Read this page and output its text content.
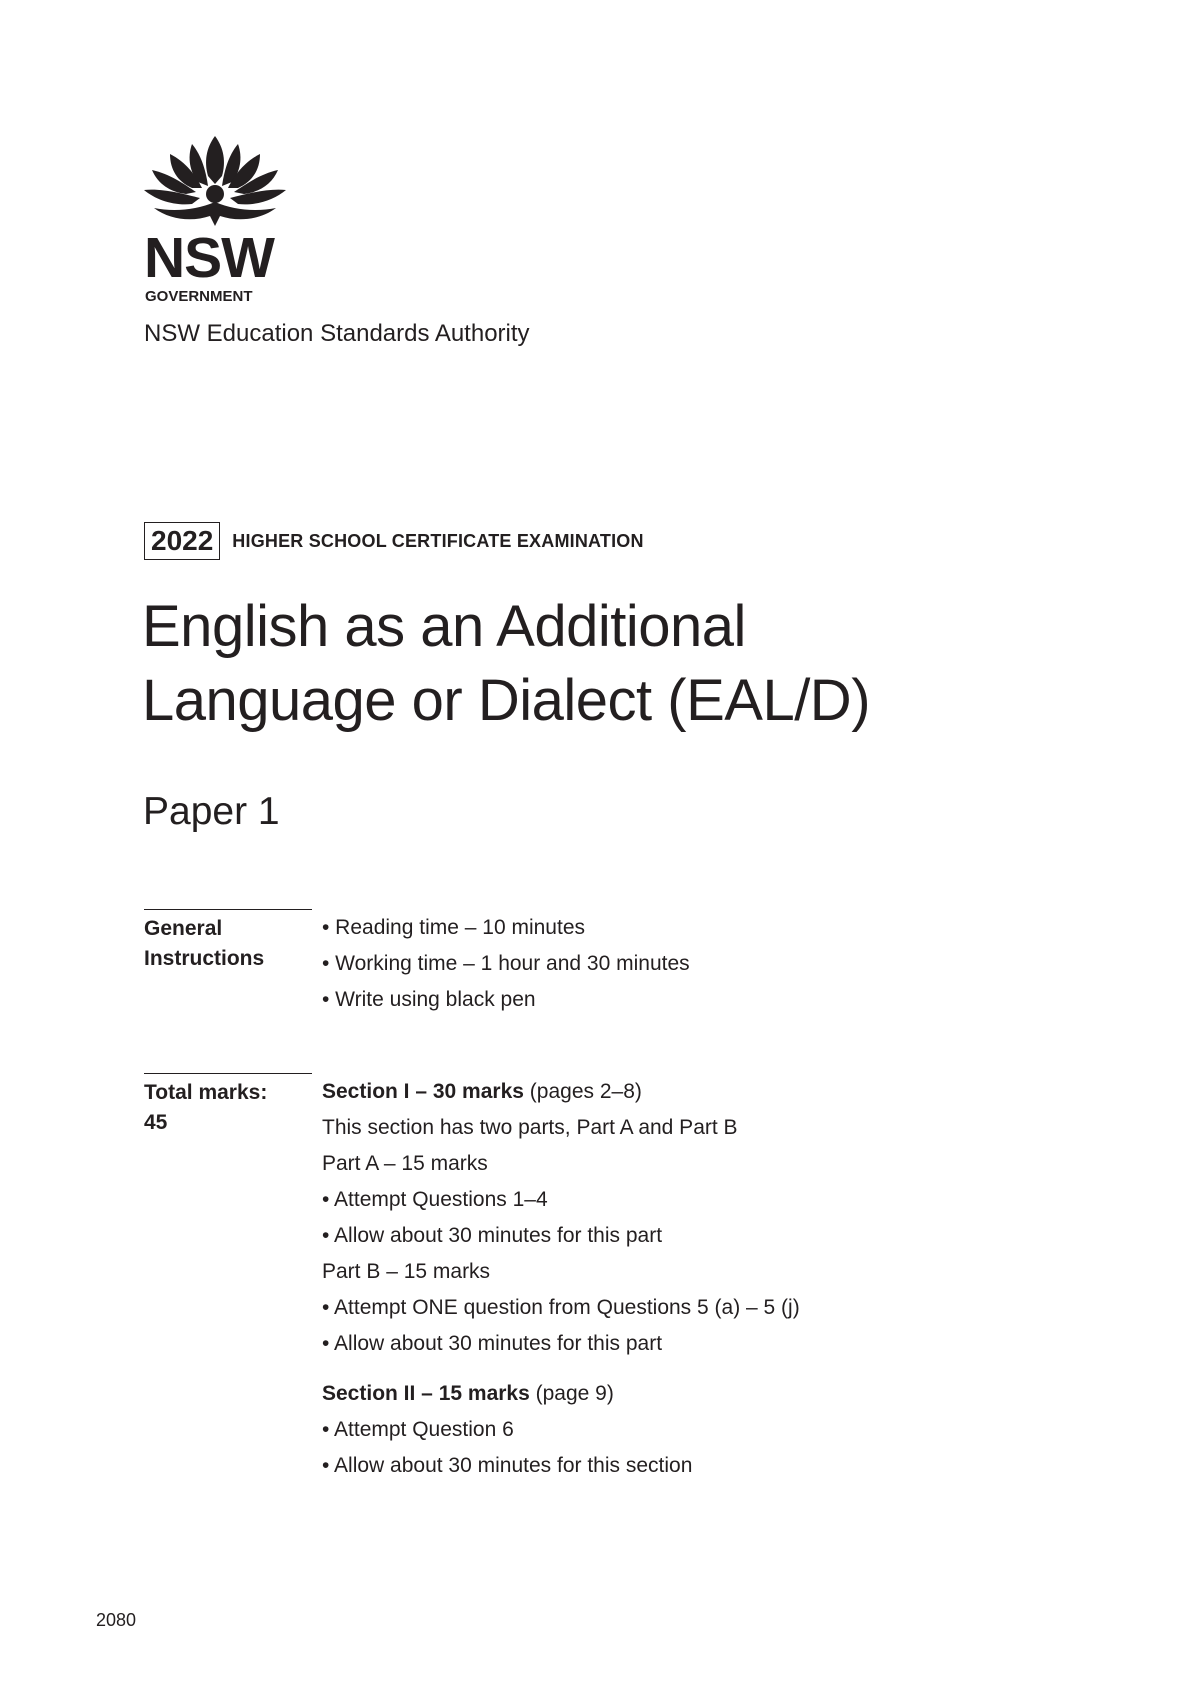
NSW
GOVERNMENT
NSW Education Standards Authority
2022	HIGHER SCHOOL CERTIFICATE EXAMINATION
English as an Additional
Language or Dialect (EAL/D)
Paper 1
General
Instructions
• Reading time – 10 minutes
• Working time – 1 hour and 30 minutes
• Write using black pen
Total marks:
45
Section I – 30 marks (pages 2–8)
This section has two parts, Part A and Part B
Part A – 15 marks
• Attempt Questions 1–4
• Allow about 30 minutes for this part
Part B – 15 marks
• Attempt ONE question from Questions 5 (a) – 5 (j)
• Allow about 30 minutes for this part
Section II – 15 marks (page 9)
• Attempt Question 6
• Allow about 30 minutes for this section
2080
